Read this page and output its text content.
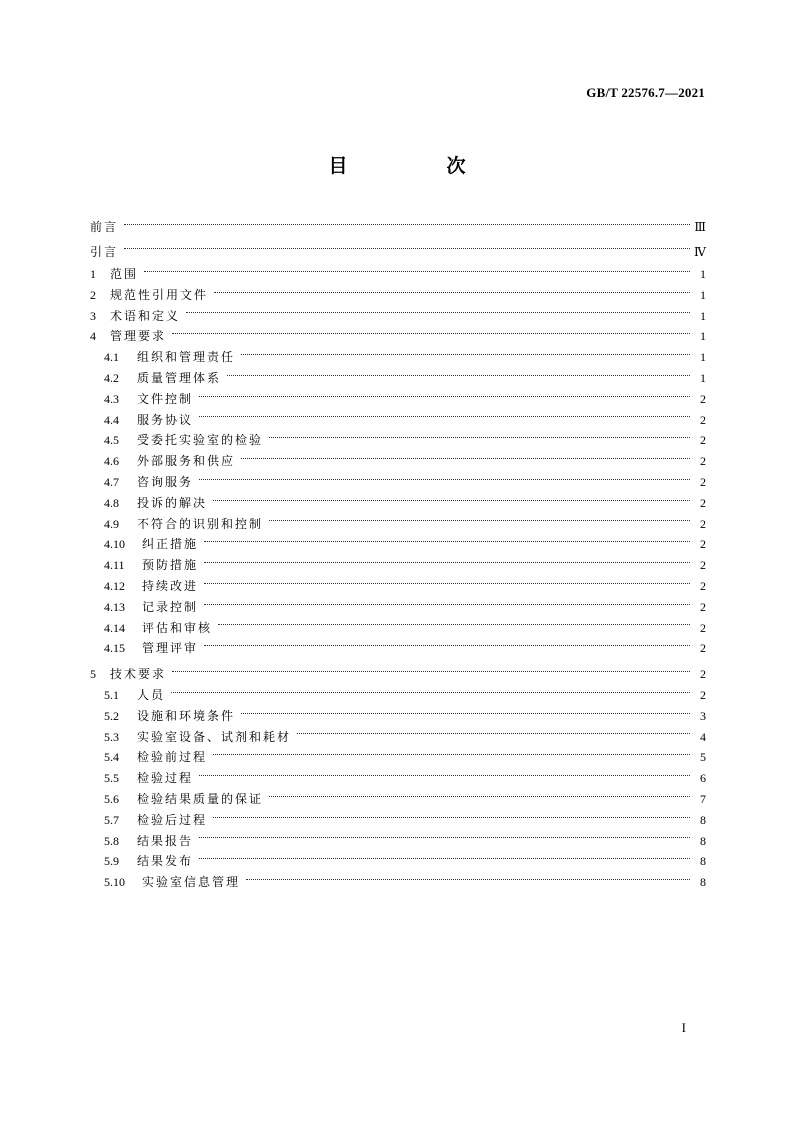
GB/T 22576.7—2021
目　次
前言	Ⅲ
引言	Ⅳ
1	范围	1
2	规范性引用文件	1
3	术语和定义	1
4	管理要求	1
4.1	组织和管理责任	1
4.2	质量管理体系	1
4.3	文件控制	2
4.4	服务协议	2
4.5	受委托实验室的检验	2
4.6	外部服务和供应	2
4.7	咨询服务	2
4.8	投诉的解决	2
4.9	不符合的识别和控制	2
4.10	纠正措施	2
4.11	预防措施	2
4.12	持续改进	2
4.13	记录控制	2
4.14	评估和审核	2
4.15	管理评审	2
5	技术要求	2
5.1	人员	2
5.2	设施和环境条件	3
5.3	实验室设备、试剂和耗材	4
5.4	检验前过程	5
5.5	检验过程	6
5.6	检验结果质量的保证	7
5.7	检验后过程	8
5.8	结果报告	8
5.9	结果发布	8
5.10	实验室信息管理	8
I
